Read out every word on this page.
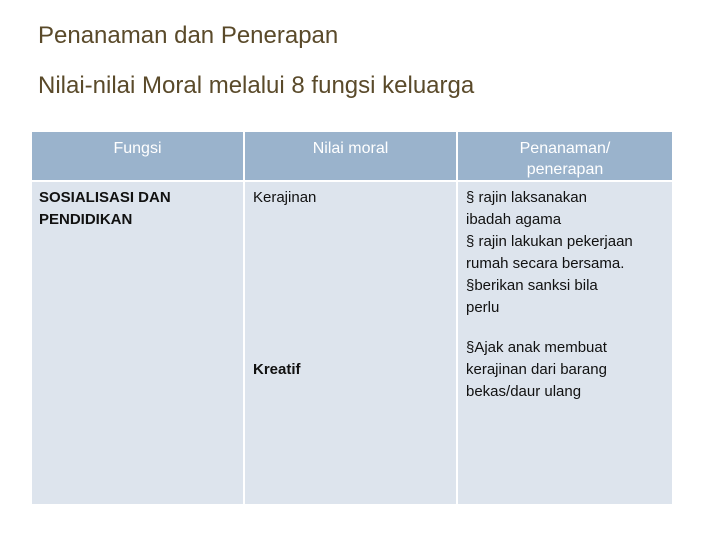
Penanaman dan Penerapan
Nilai-nilai Moral melalui 8 fungsi keluarga
Fungsi	Nilai moral	Penanaman/
penerapan
SOSIALISASI DAN
PENDIDIKAN
Kerajinan
Kreatif
§ rajin laksanakan
ibadah agama
§ rajin lakukan pekerjaan
rumah secara bersama.
§berikan sanksi bila
perlu
§Ajak anak membuat
kerajinan dari barang
bekas/daur ulang
